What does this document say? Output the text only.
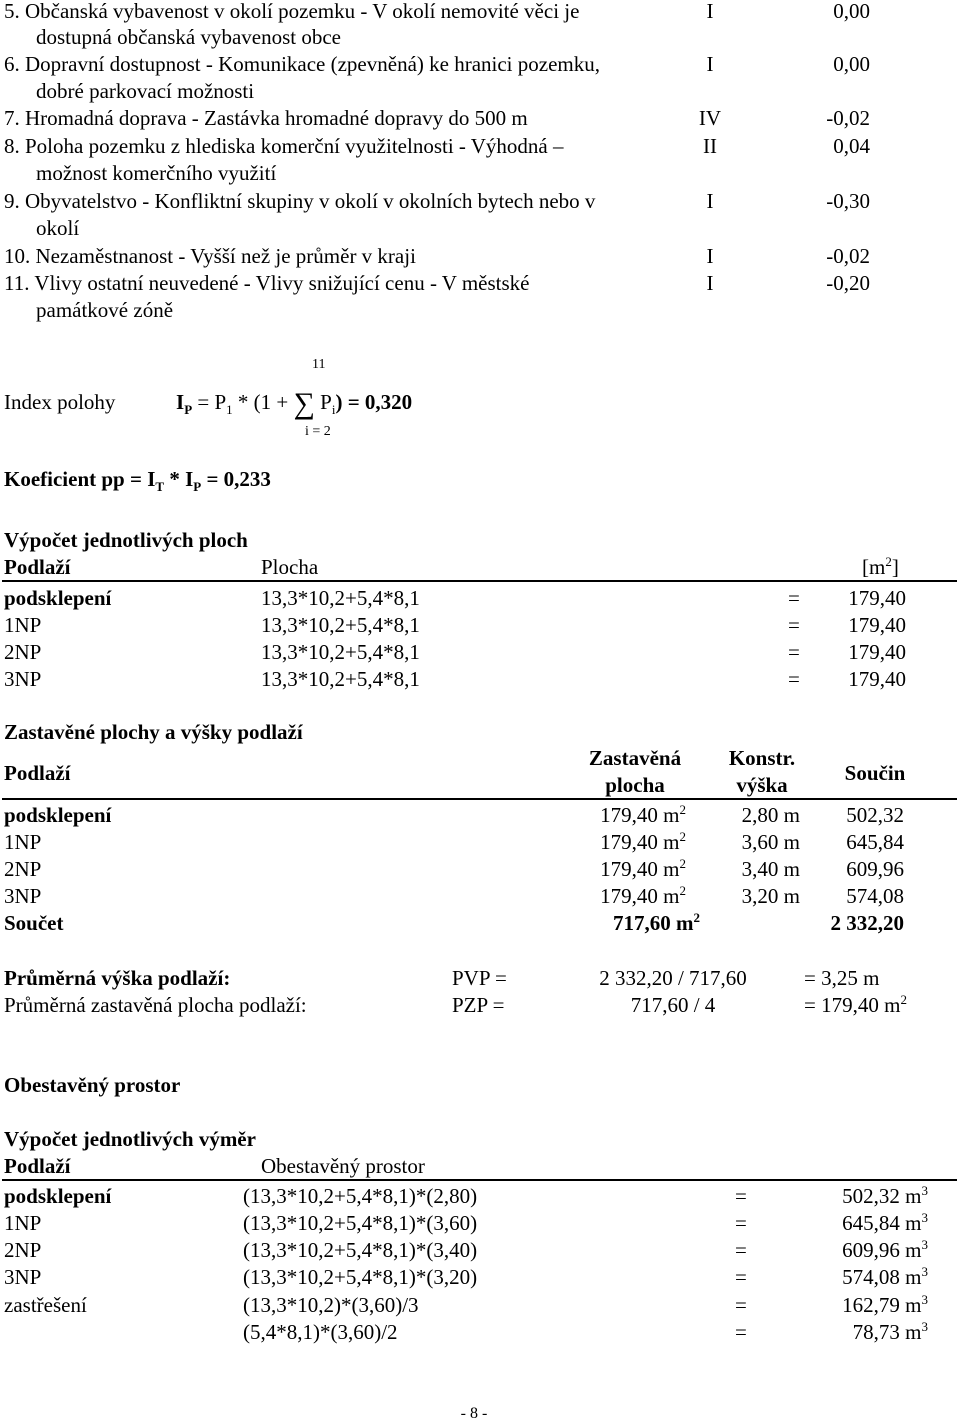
5. Občanská vybavenost v okolí pozemku - V okolí nemovité věci je
dostupná občanská vybavenost obce
I	0,00
6. Dopravní dostupnost - Komunikace (zpevněná) ke hranici pozemku,
dobré parkovací možnosti
I	0,00
7. Hromadná doprava - Zastávka hromadné dopravy do 500 m	IV	-0,02
8. Poloha pozemku z hlediska komerční využitelnosti - Výhodná –
možnost komerčního využití
II	0,04
9. Obyvatelstvo - Konfliktní skupiny v okolí v okolních bytech nebo v
okolí
I	-0,30
10. Nezaměstnanost - Vyšší než je průměr v kraji	I	-0,02
11. Vlivy ostatní neuvedené - Vlivy snižující cenu - V městské
památkové zóně
I	-0,20
Index polohy
11
i = 2
$I_P = P_1 * (1$ + ∑ $P_i) = 0,320$
Koeficient pp = $I_T * I_P = 0,233$
Výpočet jednotlivých ploch
Podlaží	Plocha	$[m^2]$
podsklepení	13,3*10,2+5,4*8,1	=	179,40
1NP	13,3*10,2+5,4*8,1	=	179,40
2NP	13,3*10,2+5,4*8,1	=	179,40
3NP	13,3*10,2+5,4*8,1	=	179,40
Zastavěné plochy a výšky podlaží
Podlaží
Zastavěná
plocha
Konstr.
výška	Součin
podsklepení	179,40 $m^2$	2,80 m	502,32
1NP	179,40 $m^2$	3,60 m	645,84
2NP	179,40 $m^2$	3,40 m	609,96
3NP	179,40 $m^2$	3,20 m	574,08
Součet	717,60 $m^2$	2 332,20
Průměrná výška podlaží:	PVP =	2 332,20 / 717,60	= 3,25 m
Průměrná zastavěná plocha podlaží:	PZP =	717,60 / 4	= 179,40 $m^2$
Obestavěný prostor
Výpočet jednotlivých výměr
Podlaží	Obestavěný prostor
podsklepení	(13,3*10,2+5,4*8,1)*(2,80)	=	502,32 $m^3$
1NP	(13,3*10,2+5,4*8,1)*(3,60)	=	645,84 $m^3$
2NP	(13,3*10,2+5,4*8,1)*(3,40)	=	609,96 $m^3$
3NP	(13,3*10,2+5,4*8,1)*(3,20)	=	574,08 $m^3$
zastřešení	(13,3*10,2)*(3,60)/3	=	162,79 $m^3$
(5,4*8,1)*(3,60)/2	=	78,73 $m^3$
- 8 -
